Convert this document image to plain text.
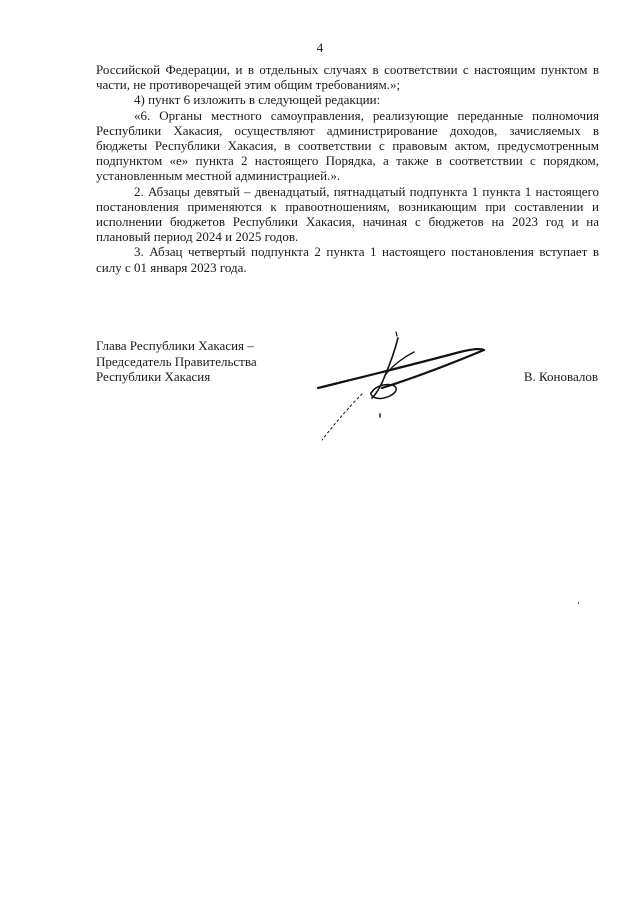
4

Российской Федерации, и в отдельных случаях в соответствии с настоящим пунктом в части, не противоречащей этим общим требованиям.»;

4) пункт 6 изложить в следующей редакции:

«6. Органы местного самоуправления, реализующие переданные полномочия Республики Хакасия, осуществляют администрирование доходов, зачисляемых в бюджеты Республики Хакасия, в соответствии с правовым актом, предусмотренным подпунктом «е» пункта 2 настоящего Порядка, а также в соответствии с порядком, установленным местной администрацией.».

2. Абзацы девятый – двенадцатый, пятнадцатый подпункта 1 пункта 1 настоящего постановления применяются к правоотношениям, возникающим при составлении и исполнении бюджетов Республики Хакасия, начиная с бюджетов на 2023 год и на плановый период 2024 и 2025 годов.

3. Абзац четвертый подпункта 2 пункта 1 настоящего постановления вступает в силу с 01 января 2023 года.

Глава Республики Хакасия –
Председатель Правительства
Республики Хакасия	В. Коновалов
